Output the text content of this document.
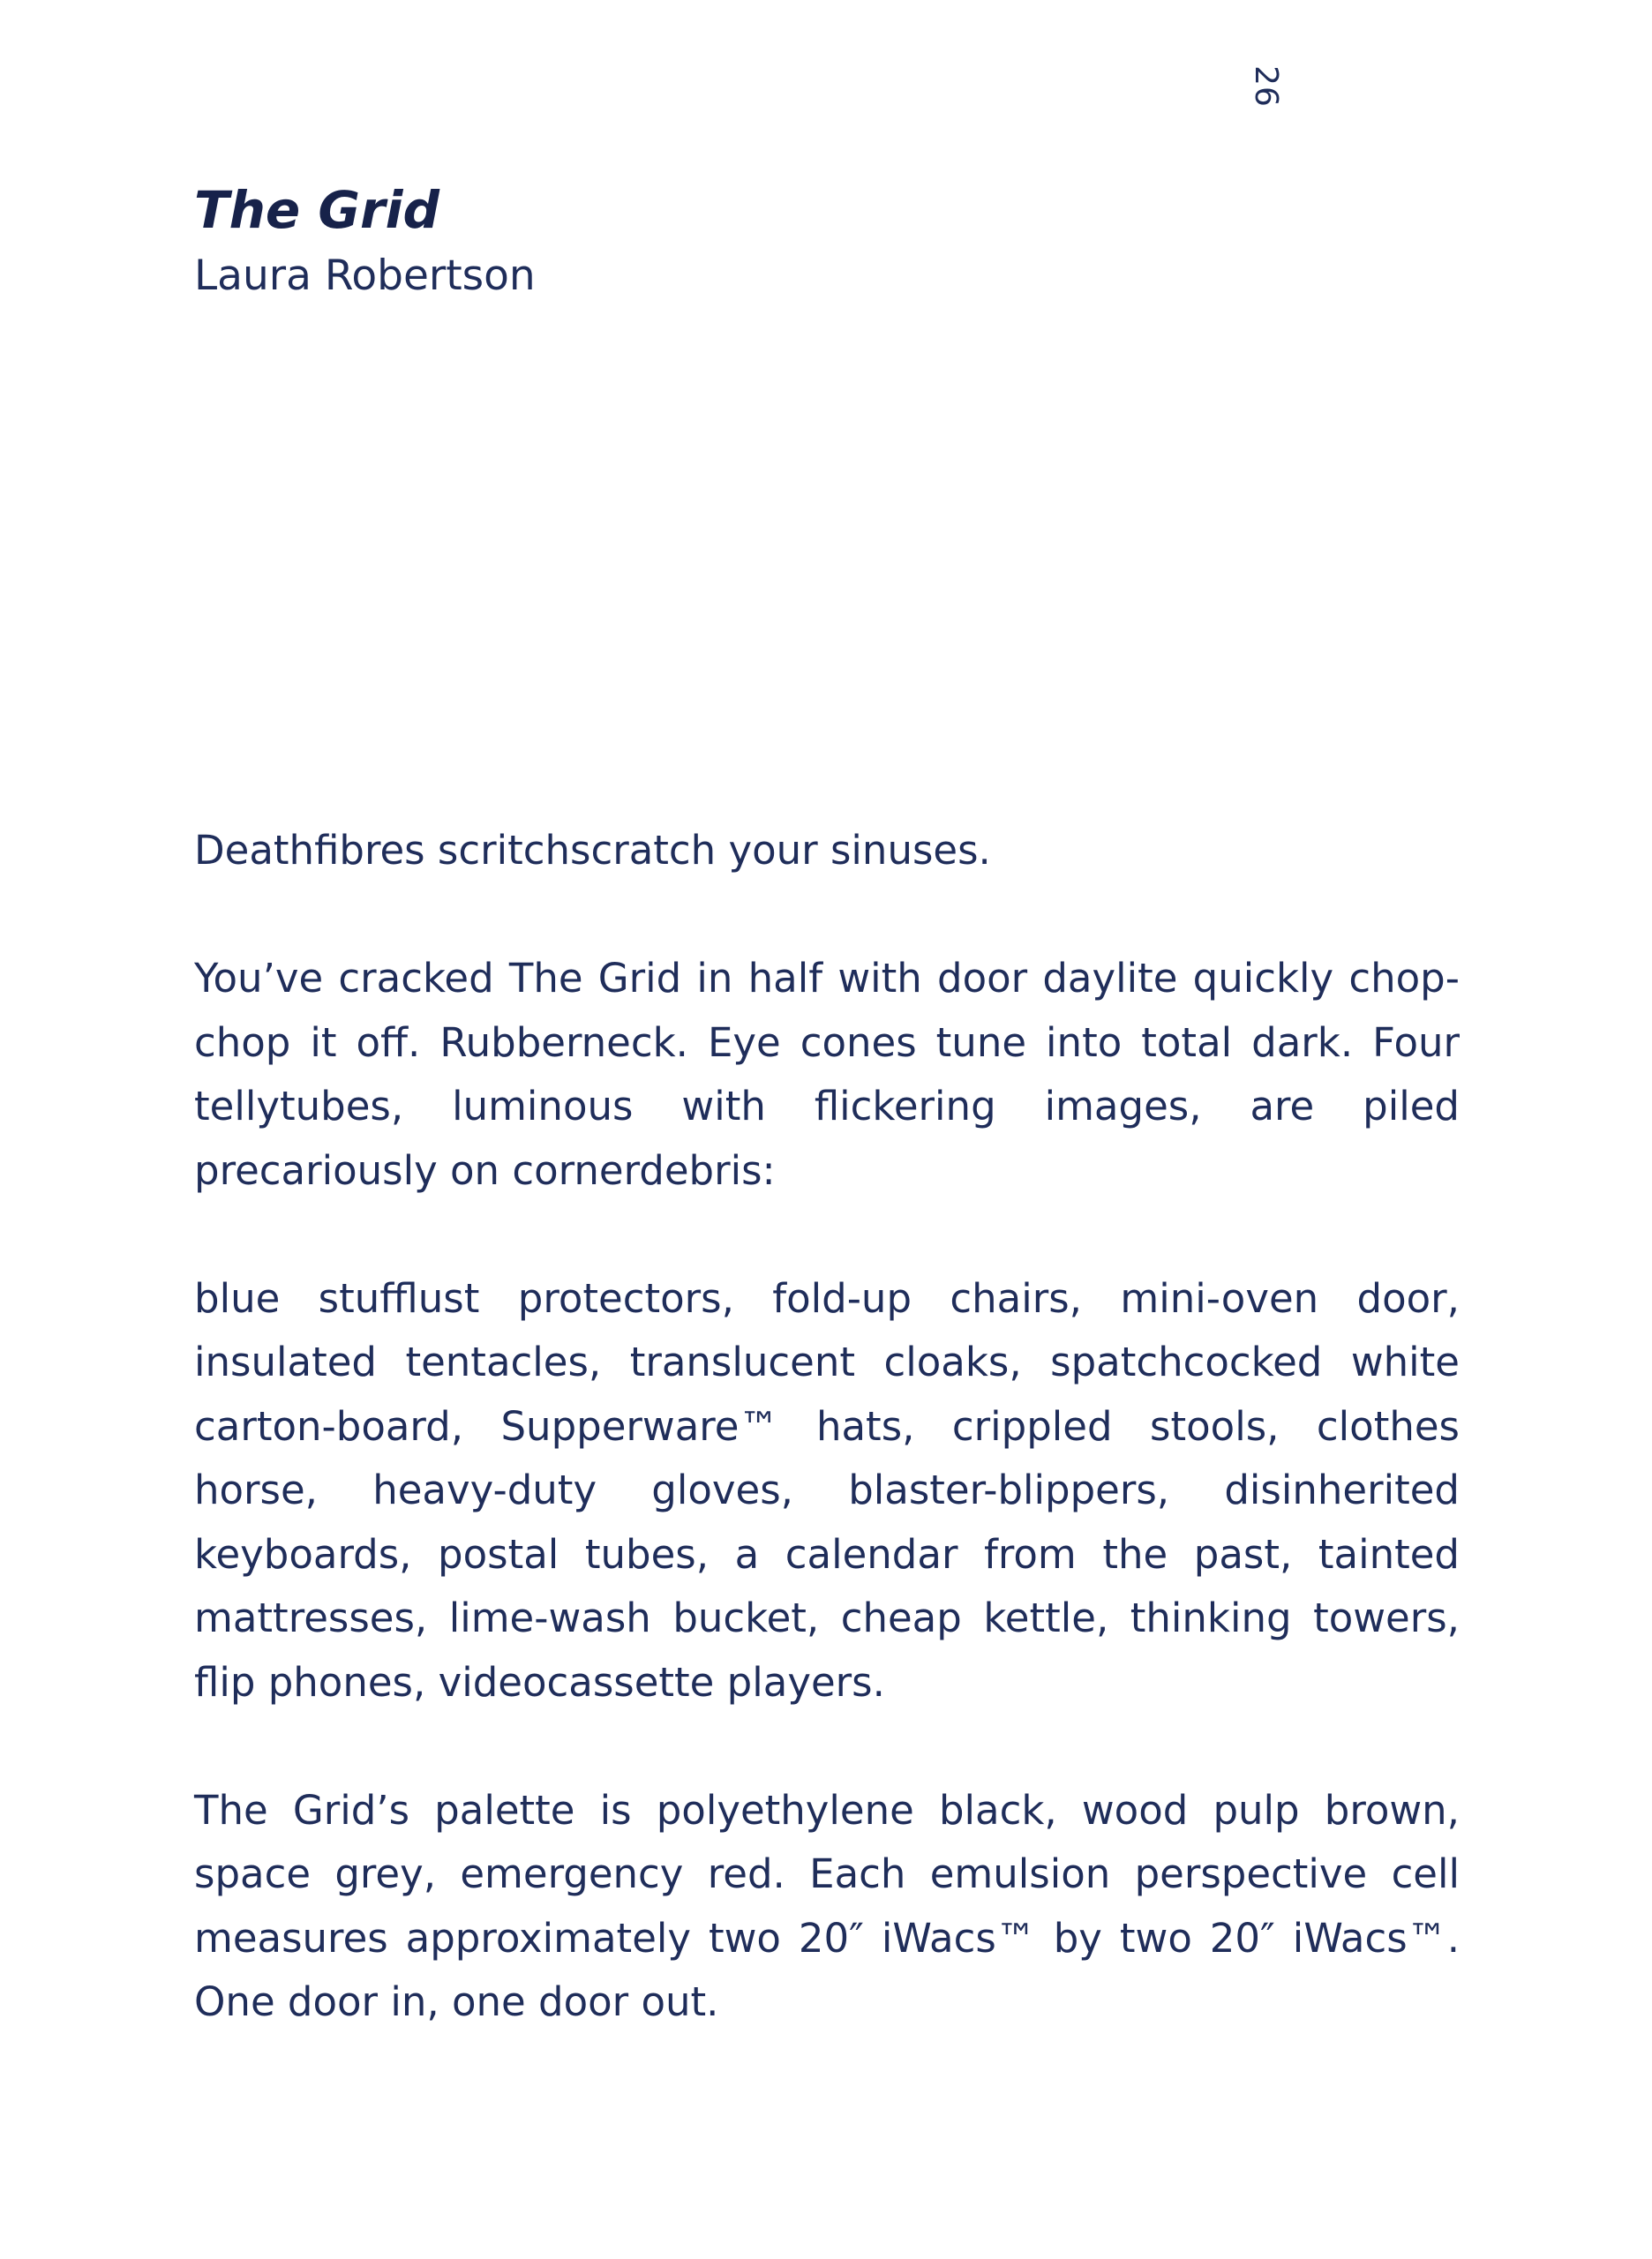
26
The Grid
Laura Robertson

Deathfibres scritchscratch your sinuses.

You’ve cracked The Grid in half with door daylite quickly chop-chop it off. Rubberneck. Eye cones tune into total dark. Four tellytubes, luminous with flickering images, are piled precariously on cornerdebris:

blue stufflust protectors, fold-up chairs, mini-oven door, insulated tentacles, translucent cloaks, spatchcocked white carton-board, Supperware™ hats, crippled stools, clothes horse, heavy-duty gloves, blaster-blippers, disinherited keyboards, postal tubes, a calendar from the past, tainted mattresses, lime-wash bucket, cheap kettle, thinking towers, flip phones, videocassette players.

The Grid’s palette is polyethylene black, wood pulp brown, space grey, emergency red. Each emulsion perspective cell measures approximately two 20″ iWacs™ by two 20″ iWacs™. One door in, one door out.
